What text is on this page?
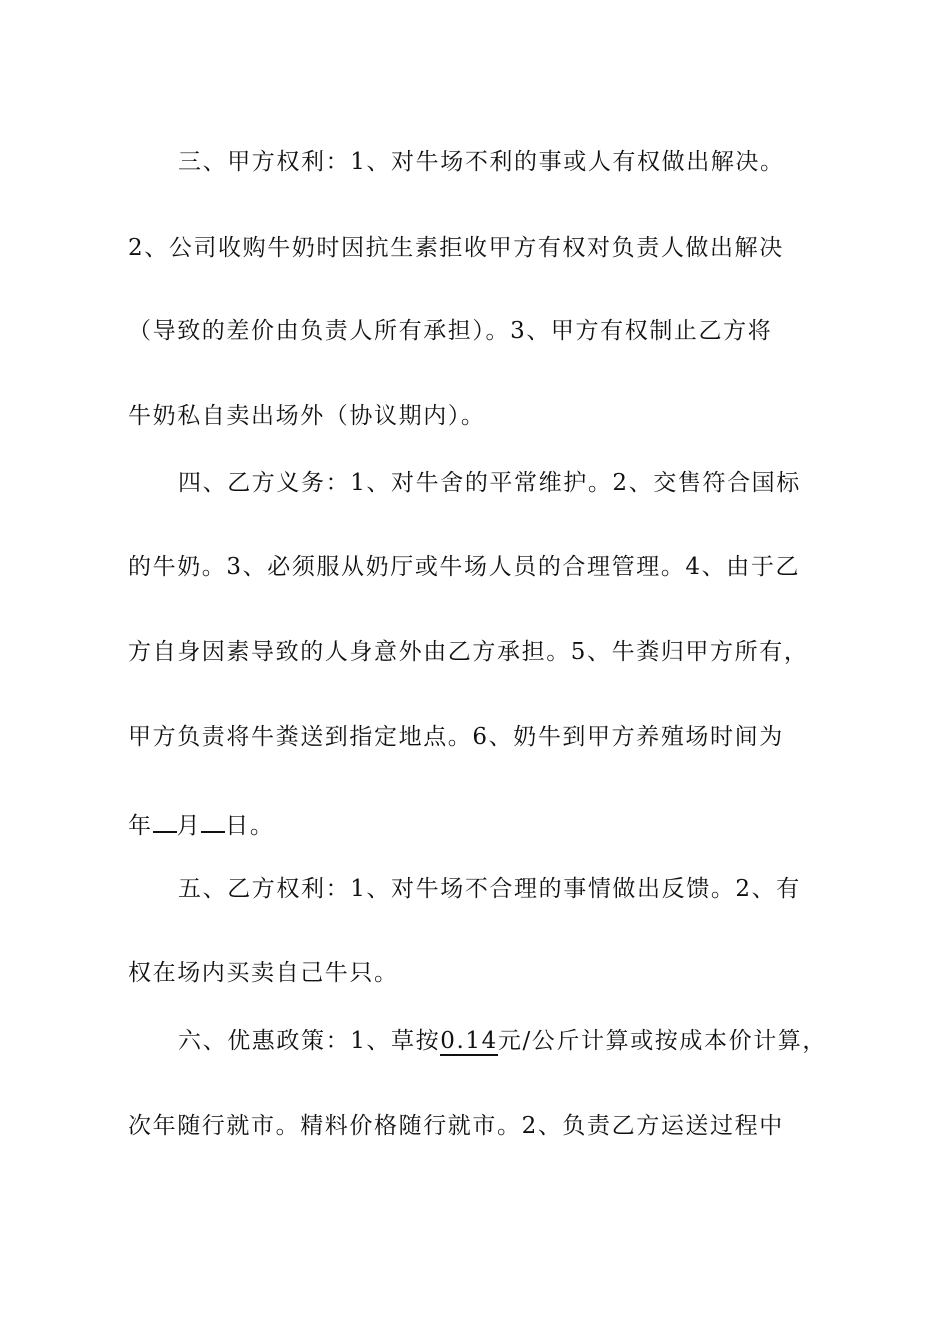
三、甲方权利：1、对牛场不利的事或人有权做出解决。
2、公司收购牛奶时因抗生素拒收甲方有权对负责人做出解决
（导致的差价由负责人所有承担）。3、甲方有权制止乙方将
牛奶私自卖出场外（协议期内）。
四、乙方义务：1、对牛舍的平常维护。2、交售符合国标
的牛奶。3、必须服从奶厅或牛场人员的合理管理。4、由于乙
方自身因素导致的人身意外由乙方承担。5、牛粪归甲方所有，
甲方负责将牛粪送到指定地点。6、奶牛到甲方养殖场时间为
年 月 日。
五、乙方权利：1、对牛场不合理的事情做出反馈。2、有
权在场内买卖自己牛只。
六、优惠政策：1、草按0.14元/公斤计算或按成本价计算，
次年随行就市。精料价格随行就市。2、负责乙方运送过程中
